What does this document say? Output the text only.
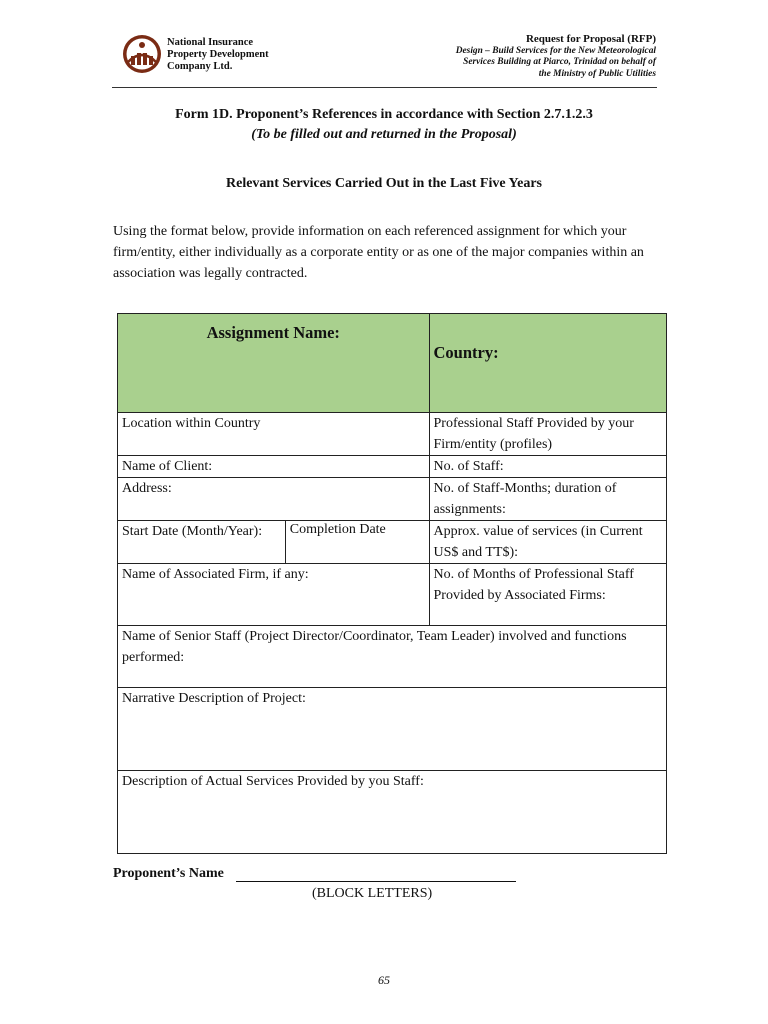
National Insurance
Property Development
Company Ltd.
Request for Proposal (RFP)
Design – Build Services for the New Meteorological
Services Building at Piarco, Trinidad on behalf of
the Ministry of Public Utilities
Form 1D. Proponent’s References in accordance with Section 2.7.1.2.3
(To be filled out and returned in the Proposal)
Relevant Services Carried Out in the Last Five Years
Using the format below, provide information on each referenced assignment for which your firm/entity, either individually as a corporate entity or as one of the major companies within an association was legally contracted.
Assignment Name:		Country:
Location within Country		Professional Staff Provided by your Firm/entity (profiles)
Name of Client:		No. of Staff:
Address:		No. of Staff-Months; duration of assignments:
Start Date (Month/Year):	Completion Date	Approx. value of services (in Current US$ and TT$):
Name of Associated Firm, if any:		No. of Months of Professional Staff Provided by Associated Firms:
Name of Senior Staff (Project Director/Coordinator, Team Leader) involved and functions performed:		
Narrative Description of Project:		
Description of Actual Services Provided by you Staff:		
Proponent’s Name
(BLOCK LETTERS)
65
